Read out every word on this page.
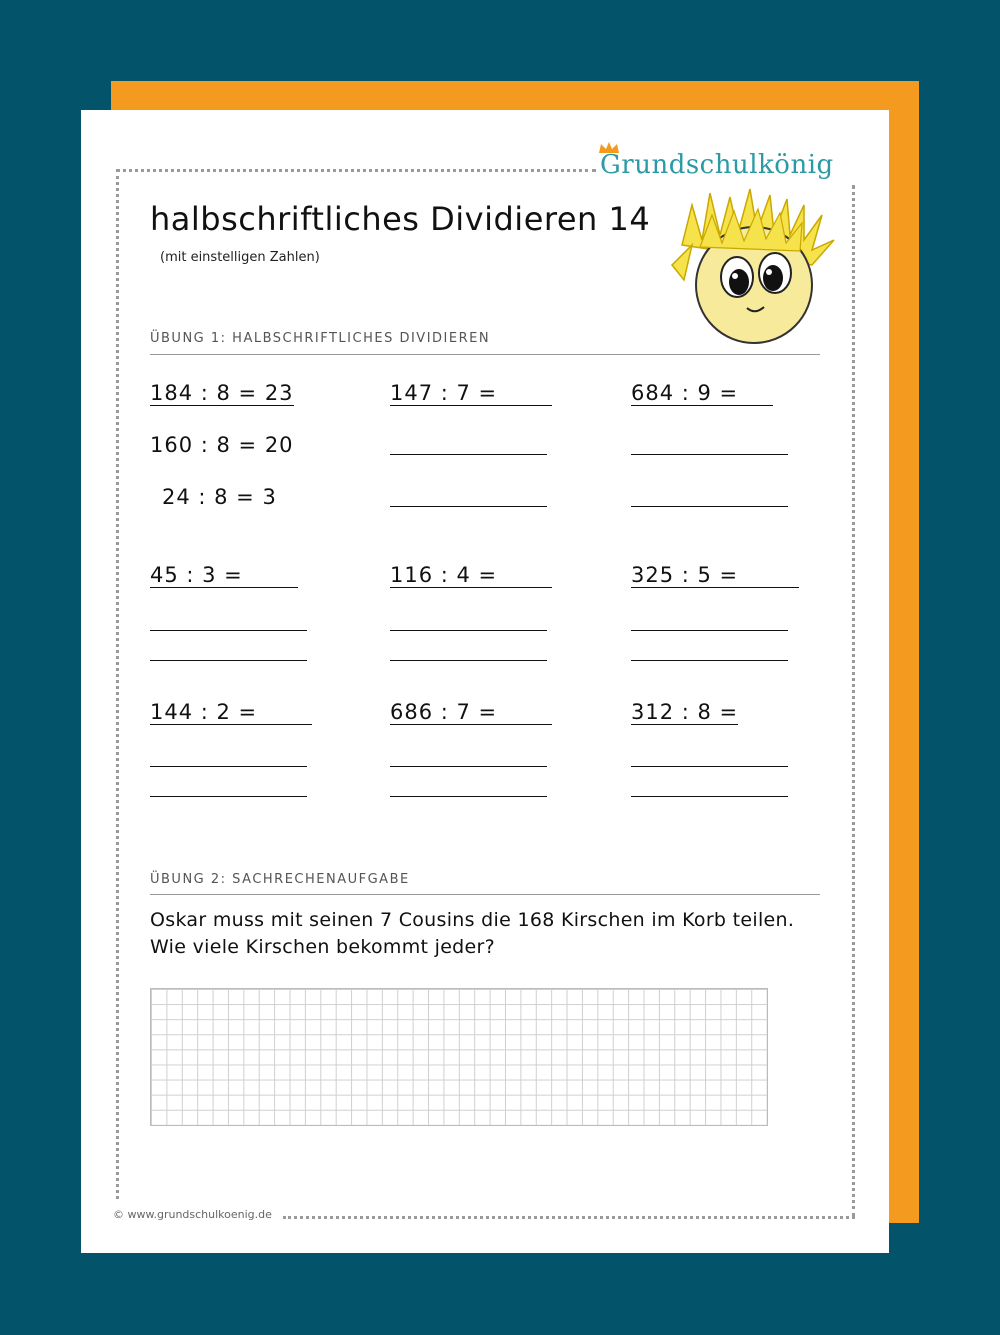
Grundschulkönig
halbschriftliches Dividieren 14
(mit einstelligen Zahlen)
ÜBUNG 1: HALBSCHRIFTLICHES DIVIDIEREN
184 : 8 = 23	147 : 7 =	684 : 9 =
160 : 8 = 20
24 : 8 = 3
45 : 3 =	116 : 4 =	325 : 5 =
144 : 2 =	686 : 7 =	312 : 8 =
ÜBUNG 2: SACHRECHENAUFGABE
Oskar muss mit seinen 7 Cousins die 168 Kirschen im Korb teilen. Wie viele Kirschen bekommt jeder?
© www.grundschulkoenig.de
